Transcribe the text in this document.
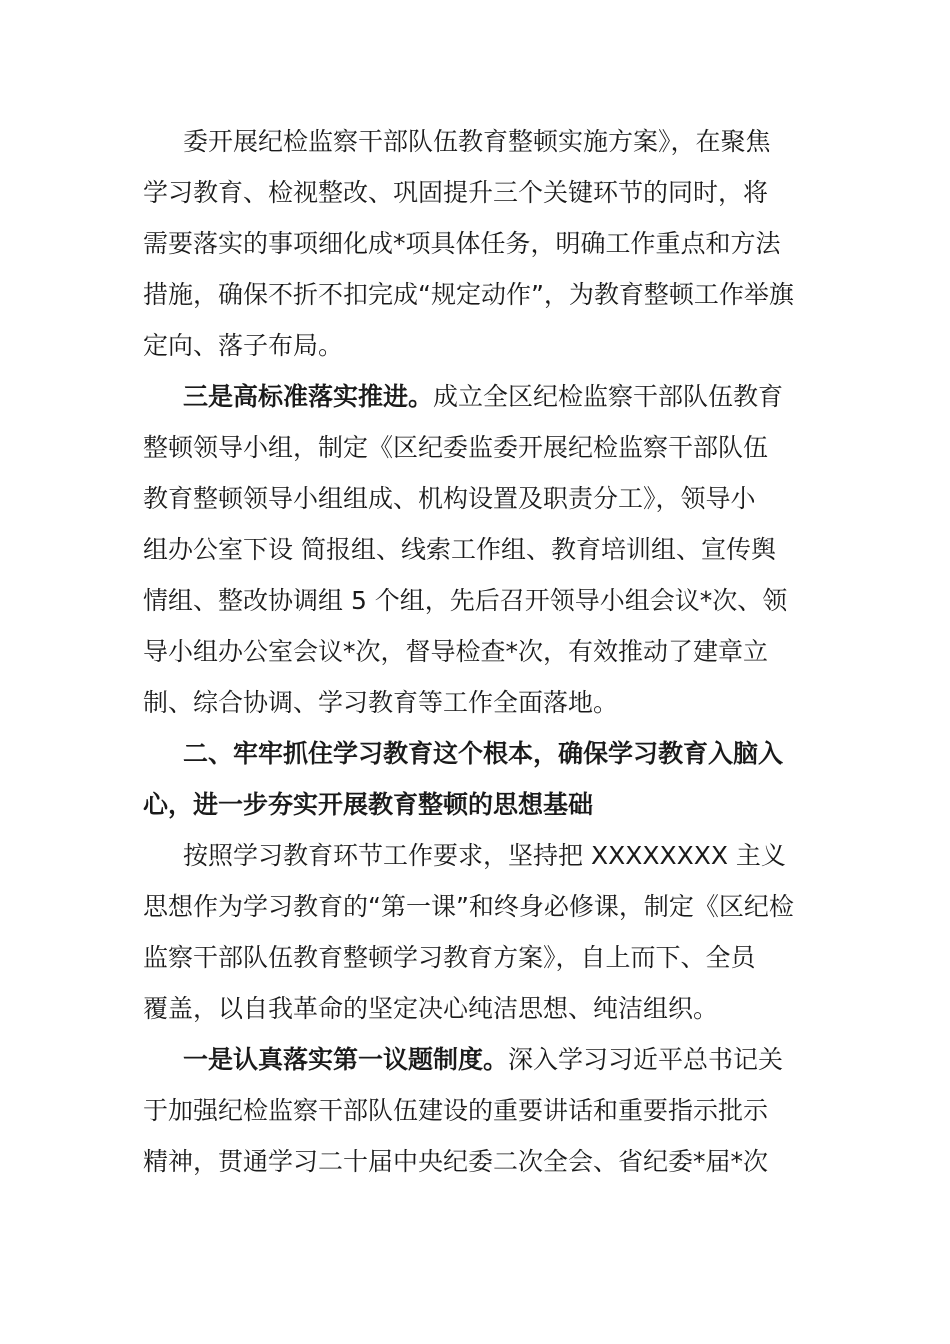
委开展纪检监察干部队伍教育整顿实施方案》，在聚焦
学习教育、检视整改、巩固提升三个关键环节的同时，将
需要落实的事项细化成*项具体任务，明确工作重点和方法
措施，确保不折不扣完成“规定动作”，为教育整顿工作举旗
定向、落子布局。
三是高标准落实推进。成立全区纪检监察干部队伍教育
整顿领导小组，制定《区纪委监委开展纪检监察干部队伍
教育整顿领导小组组成、机构设置及职责分工》，领导小
组办公室下设 简报组、线索工作组、教育培训组、宣传舆
情组、整改协调组 5 个组，先后召开领导小组会议*次、领
导小组办公室会议*次，督导检查*次，有效推动了建章立
制、综合协调、学习教育等工作全面落地。
二、牢牢抓住学习教育这个根本，确保学习教育入脑入
心，进一步夯实开展教育整顿的思想基础
按照学习教育环节工作要求，坚持把 XXXXXXXX 主义
思想作为学习教育的“第一课”和终身必修课，制定《区纪检
监察干部队伍教育整顿学习教育方案》，自上而下、全员
覆盖，以自我革命的坚定决心纯洁思想、纯洁组织。
一是认真落实第一议题制度。深入学习习近平总书记关
于加强纪检监察干部队伍建设的重要讲话和重要指示批示
精神，贯通学习二十届中央纪委二次全会、省纪委*届*次
